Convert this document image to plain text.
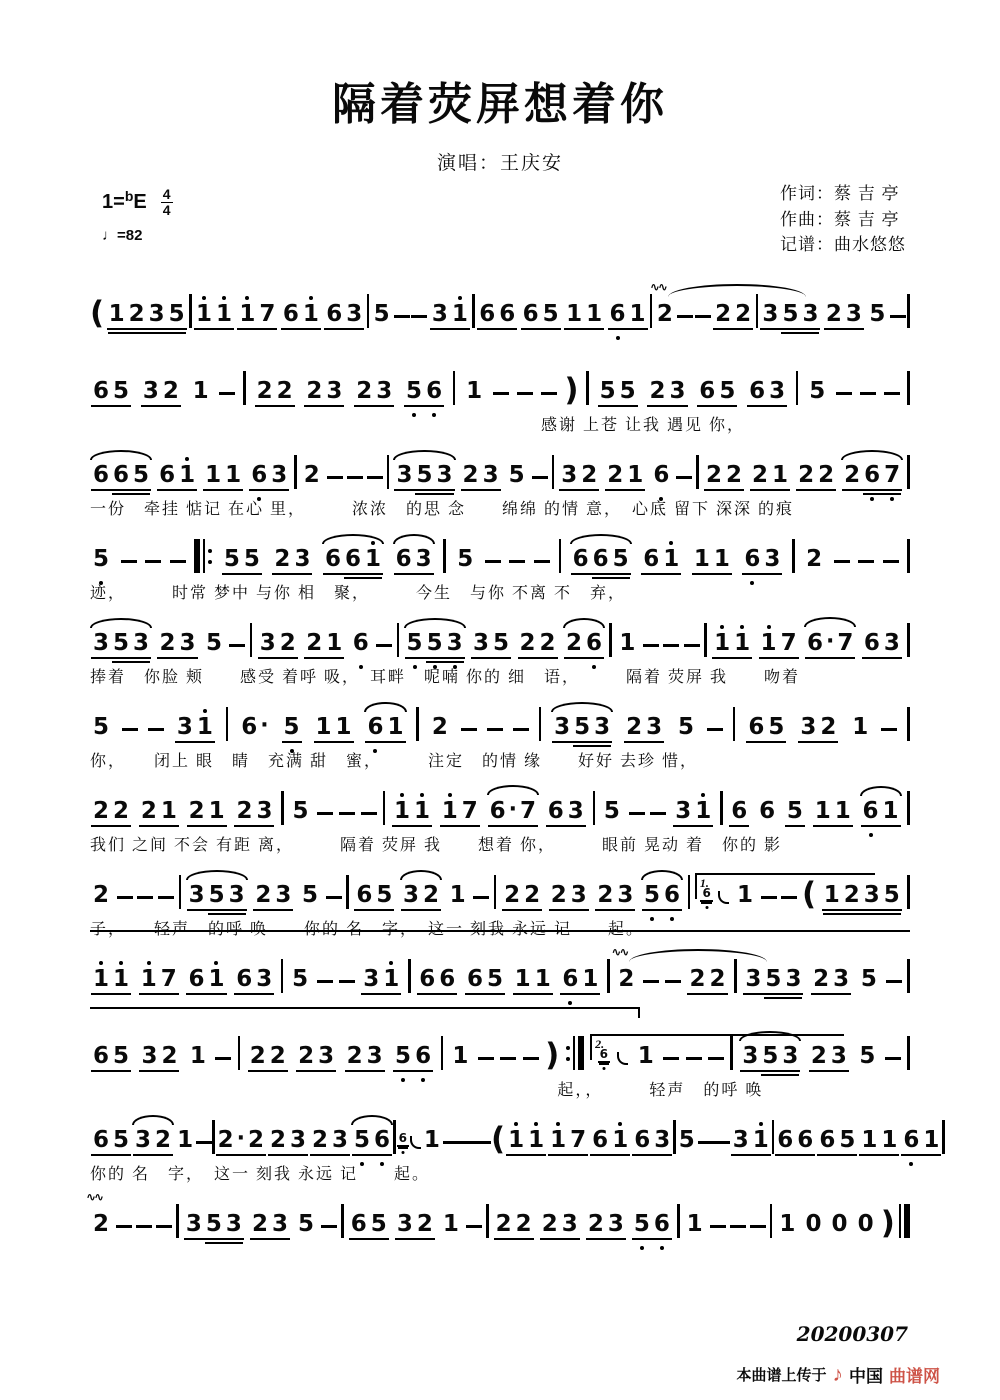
隔着荧屏想着你
演唱：王庆安
1= b E $\frac{4}{4}$
♩=82
作词：蔡 吉 亭
作曲：蔡 吉 亭
记谱：曲水悠悠
( 1 2 3 5 1 1 1 7 6 1 6 3 5 3 1 6 6 6 5 1 1 6 1 2
∿∿
2 2 3 5 3 2 3 5
6 5 3 2 1 2 2 2 3 2 3 5 6 1	) 5 5 2 3 6 5 6 3 5
感谢 上苍 让我 遇见 你，
6 6 5 6 1 1 1 6 3 2	3 5 3 2 3 5 3 2 2 1 6 2 2 2 1 2 2 2 6 7
一份　牵挂 惦记 在心 里，　　　浓浓　的思 念　　绵绵 的情 意，　心底 留下 深深 的痕
5	5 5 2 3 6 6 1 6 3 5	6 6 5 6 1 1 1 6 3 2
迹，　　　时常 梦中 与你 相　聚，　　　今生　与你 不离 不　弃，
3 5 3 2 3 5 3 2 2 1 6 5 5 3 3 5 2 2 2 6 1	1 1 1 7 6 · 7 6 3
捧着　你脸 颊　　感受 着呼 吸，　耳畔　呢喃 你的 细　语，　　　隔着 荧屏 我　　吻着
5	3 1 6 · 5 1 1 6 1 2	3 5 3 2 3 5 6 5 3 2 1
你，　　闭上 眼　睛　充满 甜　蜜，　　　注定　的情 缘　　好好 去珍 惜，
2 2 2 1 2 1 2 3 5	1 1 1 7 6 · 7 6 3 5 3 1 6 6 5 1 1 6 1
我们 之间 不会 有距 离，　　　隔着 荧屏 我　　想着 你，　　　眼前 晃动 着　你的 影
2	3 5 3 2 3 5 6 5 3 2 1 2 2 2 3 2 3 5 6 1.
6 1 ( 1 2 3 5
子，　　轻声　的呼 唤　　你的 名　字，　这一 刻我 永远 记　　起。
1 1 1 7 6 1 6 3 5 3 1 6 6 6 5 1 1 6 1 2
∿∿
2 2 3 5 3 2 3 5
6 5 3 2 1 2 2 2 3 2 3 5 6 1 )	2.
6 1	3 5 3 2 3 5
起，，　　　轻声　的呼 唤
6 5 3 2 1 2 · 2 2 3 2 3 5 6 6 1 ( 1 1 1 7 6 1 6 3 5 3 1 6 6 6 5 1 1 6 1
你的 名　字，　这一 刻我 永远 记　　起。
2
∿∿
3 5 3 2 3 5 6 5 3 2 1 2 2 2 3 2 3 5 6 1	1 0 0 0 )
20200307
本曲谱上传于 ♪ 中国 曲谱网
